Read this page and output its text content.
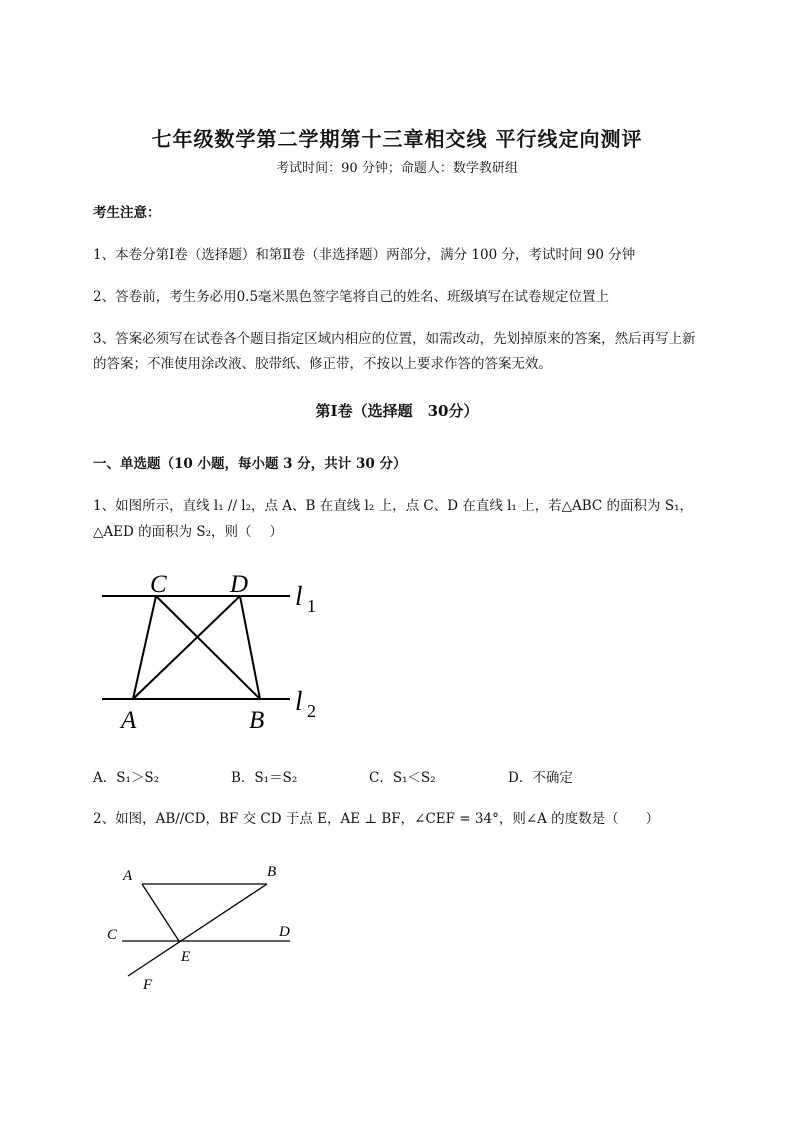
七年级数学第二学期第十三章相交线 平行线定向测评
考试时间：90 分钟；命题人：数学教研组
考生注意：
1、本卷分第Ⅰ卷（选择题）和第Ⅱ卷（非选择题）两部分，满分 100 分，考试时间 90 分钟
2、答卷前，考生务必用0.5毫米黑色签字笔将自己的姓名、班级填写在试卷规定位置上
3、答案必须写在试卷各个题目指定区域内相应的位置，如需改动，先划掉原来的答案，然后再写上新
的答案；不准使用涂改液、胶带纸、修正带，不按以上要求作答的答案无效。
第Ⅰ卷（选择题　30分）
一、单选题（10 小题，每小题 3 分，共计 30 分）
1、如图所示，直线 l₁ // l₂，点 A、B 在直线 l₂ 上，点 C、D 在直线 l₁ 上，若△ABC 的面积为 S₁，
△AED 的面积为 S₂，则（　 ）
C	D l 1
A	B
l 2
A．S₁＞S₂	B．S₁＝S₂	C．S₁＜S₂	D．不确定
2、如图，AB//CD，BF 交 CD 于点 E，AE ⊥ BF，∠CEF = 34°，则∠A 的度数是（　　）
A	B
C	D
E
F
